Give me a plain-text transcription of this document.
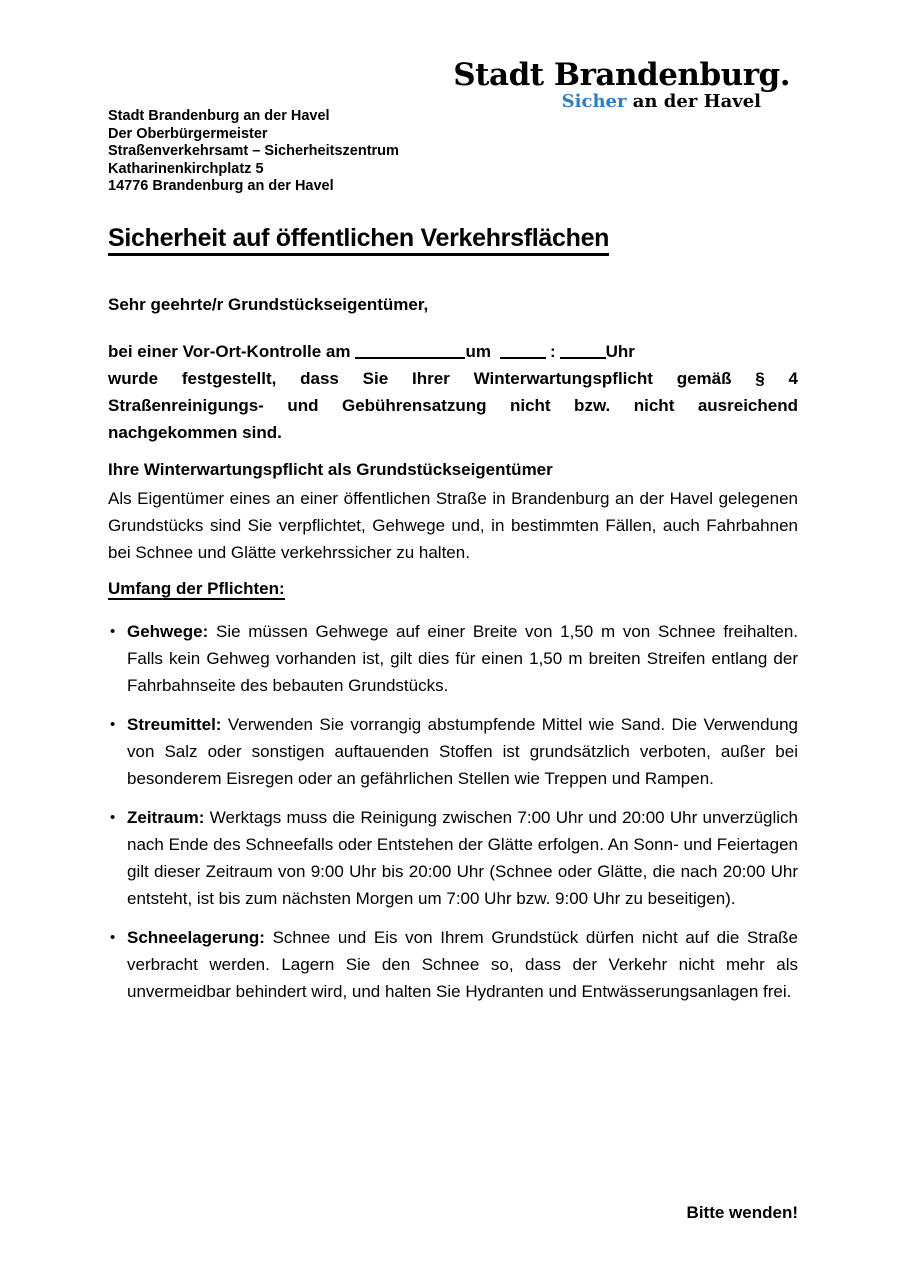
Stadt Brandenburg.
Sicher an der Havel
Stadt Brandenburg an der Havel
Der Oberbürgermeister
Straßenverkehrsamt – Sicherheitszentrum
Katharinenkirchplatz 5
14776 Brandenburg an der Havel
Sicherheit auf öffentlichen Verkehrsflächen

Sehr geehrte/r Grundstückseigentümer,

bei einer Vor-Ort-Kontrolle am	um	:	Uhr

wurde festgestellt, dass Sie Ihrer Winterwartungspflicht gemäß § 4 Straßenreinigungs- und Gebührensatzung nicht bzw. nicht ausreichend nachgekommen sind.

Ihre Winterwartungspflicht als Grundstückseigentümer

Als Eigentümer eines an einer öffentlichen Straße in Brandenburg an der Havel gelegenen Grundstücks sind Sie verpflichtet, Gehwege und, in bestimmten Fällen, auch Fahrbahnen bei Schnee und Glätte verkehrssicher zu halten.

Umfang der Pflichten:

• Gehwege: Sie müssen Gehwege auf einer Breite von 1,50 m von Schnee freihalten. Falls kein Gehweg vorhanden ist, gilt dies für einen 1,50 m breiten Streifen entlang der Fahrbahnseite des bebauten Grundstücks.
• Streumittel: Verwenden Sie vorrangig abstumpfende Mittel wie Sand. Die Verwendung von Salz oder sonstigen auftauenden Stoffen ist grundsätzlich verboten, außer bei besonderem Eisregen oder an gefährlichen Stellen wie Treppen und Rampen.
• Zeitraum: Werktags muss die Reinigung zwischen 7:00 Uhr und 20:00 Uhr unverzüglich nach Ende des Schneefalls oder Entstehen der Glätte erfolgen. An Sonn- und Feiertagen gilt dieser Zeitraum von 9:00 Uhr bis 20:00 Uhr (Schnee oder Glätte, die nach 20:00 Uhr entsteht, ist bis zum nächsten Morgen um 7:00 Uhr bzw. 9:00 Uhr zu beseitigen).
• Schneelagerung: Schnee und Eis von Ihrem Grundstück dürfen nicht auf die Straße verbracht werden. Lagern Sie den Schnee so, dass der Verkehr nicht mehr als unvermeidbar behindert wird, und halten Sie Hydranten und Entwässerungsanlagen frei.
Bitte wenden!
